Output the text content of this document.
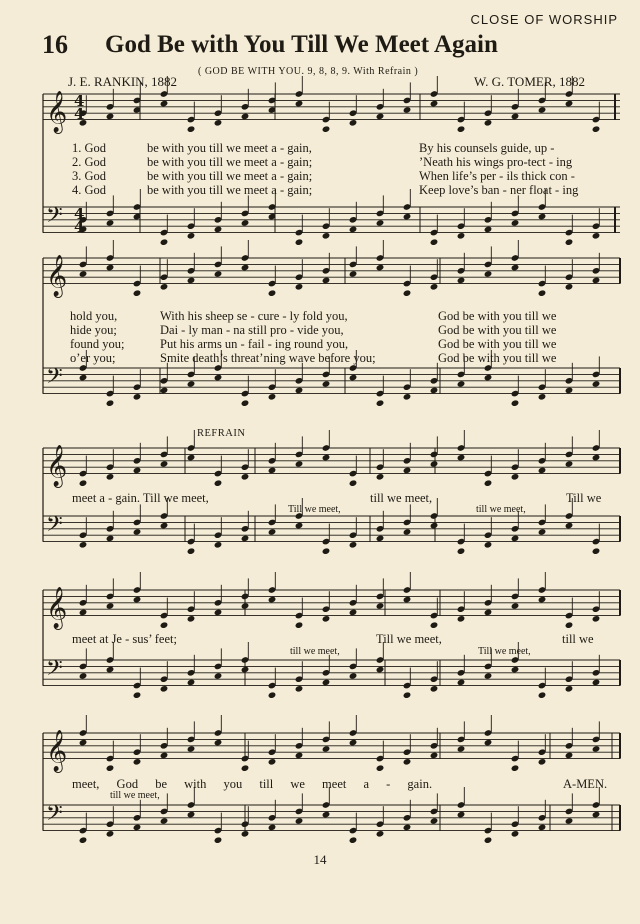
CLOSE OF WORSHIP
16 God Be with You Till We Meet Again
( GOD BE WITH YOU. 9, 8, 8, 9. With Refrain )
J. E. RANKIN, 1882	W. G. TOMER, 1882
𝄞
𝄢
𝄞
𝄢
𝄞
𝄢
𝄞
𝄢
𝄞
𝄢
4
4
4
4
1. God	be with you till we meet a - gain,	By his counsels guide, up -
2. God	be with you till we meet a - gain;	’Neath his wings pro-tect - ing
3. God	be with you till we meet a - gain;	When life’s per - ils thick con -
4. God	be with you till we meet a - gain;	Keep love’s ban - ner float - ing
hold you,	With his sheep se - cure - ly fold you,	God be with you till we
hide you;	Dai - ly man - na still pro - vide you,	God be with you till we
found you;	Put his arms un - fail - ing round you,	God be with you till we
o’er you;	Smite death’s threat’ning wave before you;	God be with you till we
REFRAIN
meet a - gain. Till we meet,	till we meet,	Till we
Till we meet,	till we meet,
meet at Je - sus’ feet;	Till we meet,	till we
till we meet,	Till we meet,
meet, God be with you till we meet a - gain.	A-MEN.
till we meet,
14
